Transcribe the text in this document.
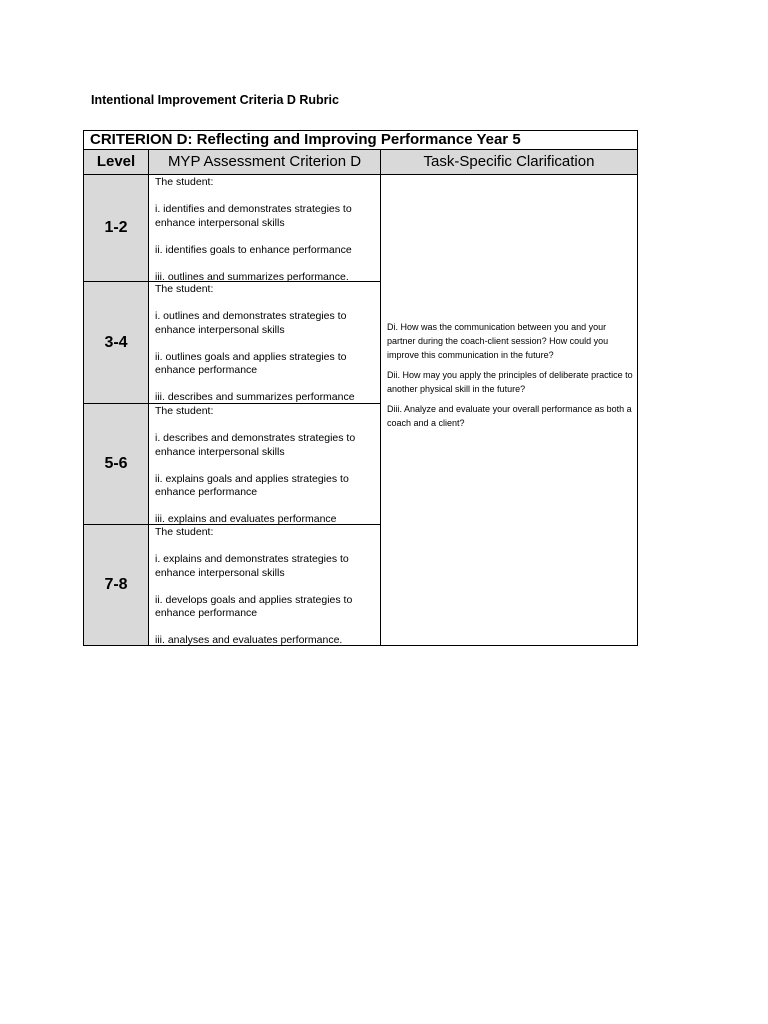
Intentional Improvement Criteria D Rubric
CRITERION D: Reflecting and Improving Performance Year 5
Level	MYP Assessment Criterion D	Task-Specific Clarification
1-2

The student:

i. identifies and demonstrates strategies to enhance interpersonal skills

ii. identifies goals to enhance performance

iii. outlines and summarizes performance.

3-4

The student:

i. outlines and demonstrates strategies to enhance interpersonal skills

ii. outlines goals and applies strategies to enhance performance

iii. describes and summarizes performance

5-6

The student:

i. describes and demonstrates strategies to enhance interpersonal skills

ii. explains goals and applies strategies to enhance performance

iii. explains and evaluates performance

7-8

The student:

i. explains and demonstrates strategies to enhance interpersonal skills

ii. develops goals and applies strategies to enhance performance

iii. analyses and evaluates performance.

Di. How was the communication between you and your partner during the coach-client session? How could you improve this communication in the future?

Dii. How may you apply the principles of deliberate practice to another physical skill in the future?

Diii. Analyze and evaluate your overall performance as both a coach and a client?
